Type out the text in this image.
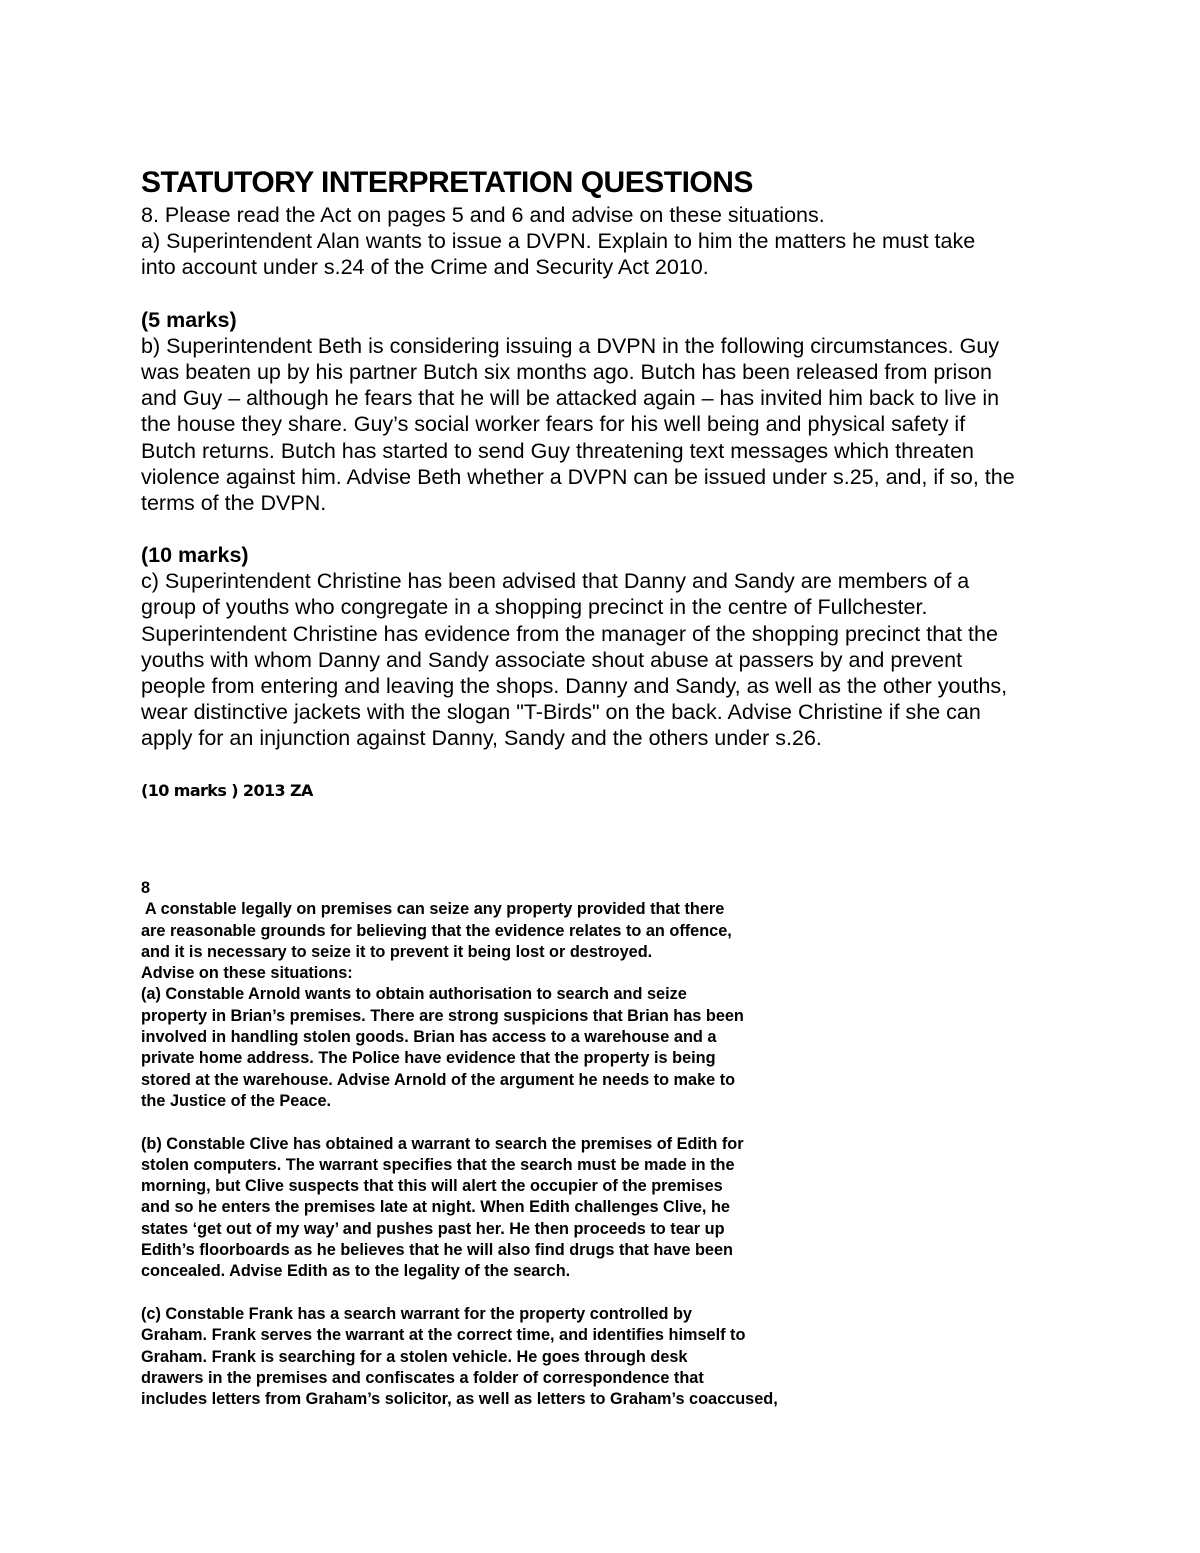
STATUTORY INTERPRETATION QUESTIONS
8. Please read the Act on pages 5 and 6 and advise on these situations.
a) Superintendent Alan wants to issue a DVPN. Explain to him the matters he must take
into account under s.24 of the Crime and Security Act 2010.
(5 marks)
b) Superintendent Beth is considering issuing a DVPN in the following circumstances. Guy
was beaten up by his partner Butch six months ago. Butch has been released from prison
and Guy – although he fears that he will be attacked again – has invited him back to live in
the house they share. Guy’s social worker fears for his well being and physical safety if
Butch returns. Butch has started to send Guy threatening text messages which threaten
violence against him. Advise Beth whether a DVPN can be issued under s.25, and, if so, the
terms of the DVPN.
(10 marks)
c) Superintendent Christine has been advised that Danny and Sandy are members of a
group of youths who congregate in a shopping precinct in the centre of Fullchester.
Superintendent Christine has evidence from the manager of the shopping precinct that the
youths with whom Danny and Sandy associate shout abuse at passers by and prevent
people from entering and leaving the shops. Danny and Sandy, as well as the other youths,
wear distinctive jackets with the slogan "T-Birds" on the back. Advise Christine if she can
apply for an injunction against Danny, Sandy and the others under s.26.
(10 marks ) 2013 ZA
8
A constable legally on premises can seize any property provided that there
are reasonable grounds for believing that the evidence relates to an offence,
and it is necessary to seize it to prevent it being lost or destroyed.
Advise on these situations:
(a) Constable Arnold wants to obtain authorisation to search and seize
property in Brian’s premises. There are strong suspicions that Brian has been
involved in handling stolen goods. Brian has access to a warehouse and a
private home address. The Police have evidence that the property is being
stored at the warehouse. Advise Arnold of the argument he needs to make to
the Justice of the Peace.
(b) Constable Clive has obtained a warrant to search the premises of Edith for
stolen computers. The warrant specifies that the search must be made in the
morning, but Clive suspects that this will alert the occupier of the premises
and so he enters the premises late at night. When Edith challenges Clive, he
states ‘get out of my way’ and pushes past her. He then proceeds to tear up
Edith’s floorboards as he believes that he will also find drugs that have been
concealed. Advise Edith as to the legality of the search.
(c) Constable Frank has a search warrant for the property controlled by
Graham. Frank serves the warrant at the correct time, and identifies himself to
Graham. Frank is searching for a stolen vehicle. He goes through desk
drawers in the premises and confiscates a folder of correspondence that
includes letters from Graham’s solicitor, as well as letters to Graham’s coaccused,
